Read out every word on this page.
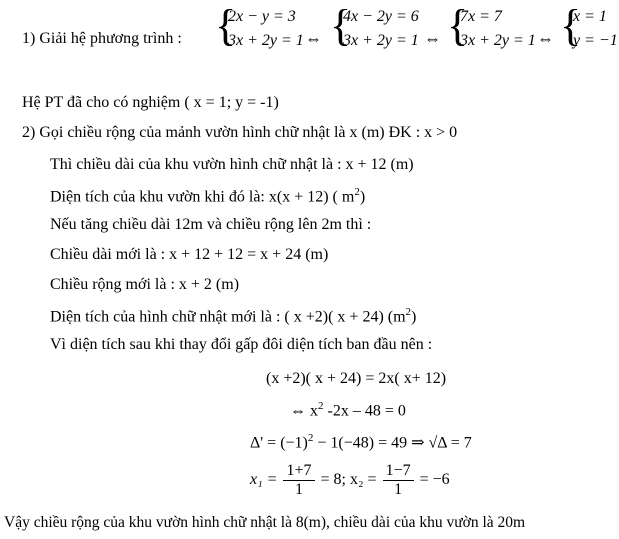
1) Giải hệ phương trình : {
2x − y = 3
3x + 2y = 1 ⇔ {
4x − 2y = 6
3x + 2y = 1 ⇔ {
7x = 7
3x + 2y = 1 ⇔ {
x = 1
y = −1
Hệ PT đã cho có nghiệm ( x = 1; y = -1)
2) Gọi chiều rộng của mảnh vườn hình chữ nhật là x (m) ĐK : x > 0
Thì chiều dài của khu vườn hình chữ nhật là : x + 12 (m)
Diện tích của khu vườn khi đó là: x(x + 12) ( $m^2$)
Nếu tăng chiều dài 12m và chiều rộng lên 2m thì :
Chiều dài mới là : x + 12 + 12 = x + 24 (m)
Chiều rộng mới là : x + 2 (m)
Diện tích của hình chữ nhật mới là : ( x +2)( x + 24) $(m^2)$
Vì diện tích sau khi thay đổi gấp đôi diện tích ban đầu nên :
(x +2)( x + 24) = 2x( x+ 12)
⇔ $x^2$ -2x – 48 = 0
$\Delta' = (-1)^2 - 1(-48) = 49$ ⇒ √Δ = 7
$x_1 = \frac{1+7}{1} = 8$; $x_2 = \frac{1-7}{1} = -6$
Vậy chiều rộng của khu vườn hình chữ nhật là 8(m), chiều dài của khu vườn là 20m
